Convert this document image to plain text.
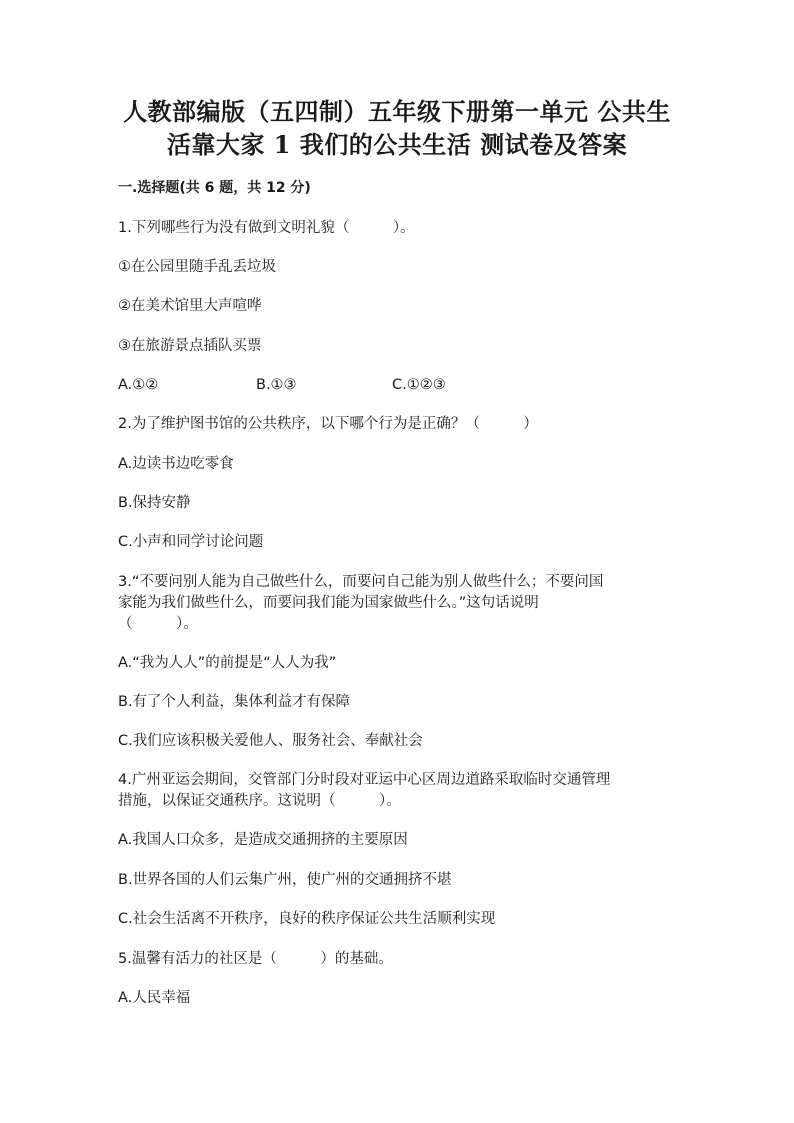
人教部编版（五四制）五年级下册第一单元 公共生
活靠大家 1 我们的公共生活 测试卷及答案
一.选择题(共 6 题，共 12 分)
1.下列哪些行为没有做到文明礼貌（　　　）。
①在公园里随手乱丢垃圾
②在美术馆里大声喧哗
③在旅游景点插队买票
A.①②	B.①③	C.①②③
2.为了维护图书馆的公共秩序，以下哪个行为是正确？（　　　）
A.边读书边吃零食
B.保持安静
C.小声和同学讨论问题
3.“不要问别人能为自己做些什么，而要问自己能为别人做些什么；不要问国
家能为我们做些什么，而要问我们能为国家做些什么。”这句话说明
（　　　）。
A.“我为人人”的前提是“人人为我”
B.有了个人利益，集体利益才有保障
C.我们应该积极关爱他人、服务社会、奉献社会
4.广州亚运会期间，交管部门分时段对亚运中心区周边道路采取临时交通管理
措施，以保证交通秩序。这说明（　　　）。
A.我国人口众多，是造成交通拥挤的主要原因
B.世界各国的人们云集广州，使广州的交通拥挤不堪
C.社会生活离不开秩序，良好的秩序保证公共生活顺利实现
5.温馨有活力的社区是（　　　）的基础。
A.人民幸福
